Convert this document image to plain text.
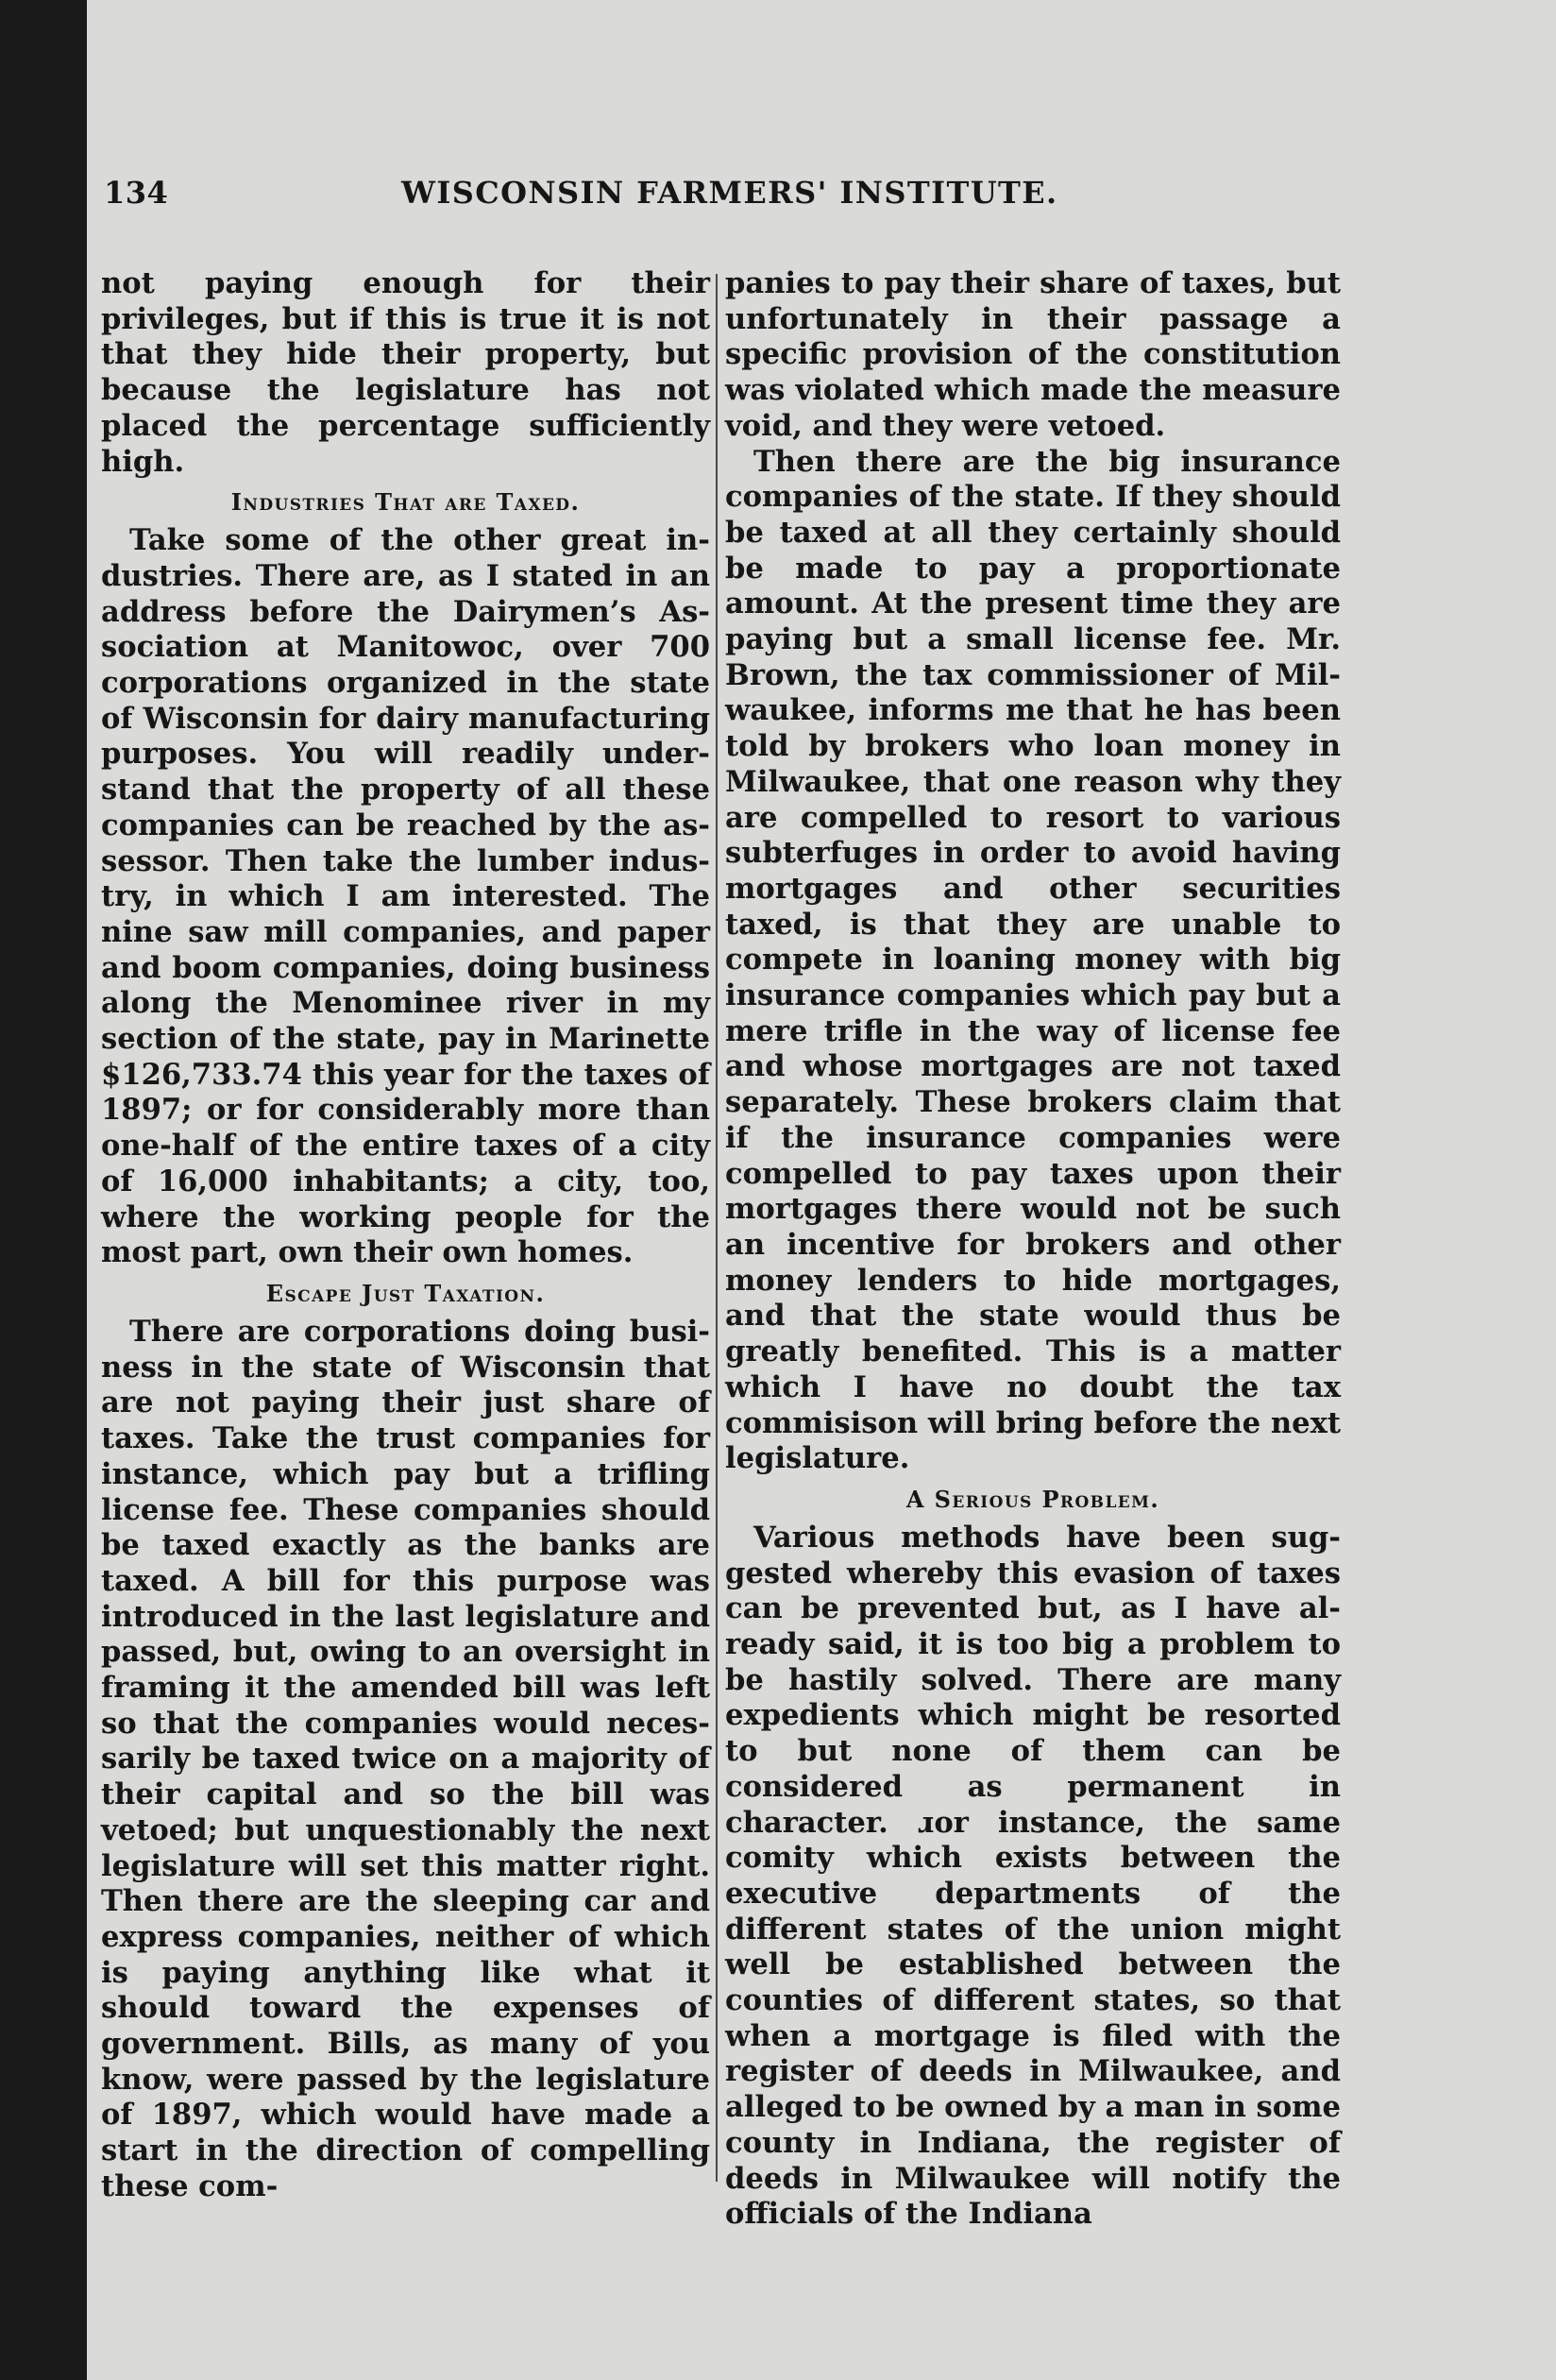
134	WISCONSIN FARMERS' INSTITUTE.

not paying enough for their privileges, but if this is true it is not that they hide their property, but because the legislature has not placed the percentage sufficiently high.

Industries That are Taxed.

Take some of the other great industries. There are, as I stated in an address before the Dairymen’s Association at Manitowoc, over 700 corporations organized in the state of Wisconsin for dairy manufacturing purposes. You will readily understand that the property of all these companies can be reached by the assessor. Then take the lumber industry, in which I am interested. The nine saw mill companies, and paper and boom companies, doing business along the Menominee river in my section of the state, pay in Marinette $126,733.74 this year for the taxes of 1897; or for considerably more than one-half of the entire taxes of a city of 16,000 inhabitants; a city, too, where the working people for the most part, own their own homes.

Escape Just Taxation.

There are corporations doing business in the state of Wisconsin that are not paying their just share of taxes. Take the trust companies for instance, which pay but a trifling license fee. These companies should be taxed exactly as the banks are taxed. A bill for this purpose was introduced in the last legislature and passed, but, owing to an oversight in framing it the amended bill was left so that the companies would necessarily be taxed twice on a majority of their capital and so the bill was vetoed; but unquestionably the next legislature will set this matter right. Then there are the sleeping car and express companies, neither of which is paying anything like what it should toward the expenses of government. Bills, as many of you know, were passed by the legislature of 1897, which would have made a start in the direction of compelling these com-

panies to pay their share of taxes, but unfortunately in their passage a specific provision of the constitution was violated which made the measure void, and they were vetoed.

Then there are the big insurance companies of the state. If they should be taxed at all they certainly should be made to pay a proportionate amount. At the present time they are paying but a small license fee. Mr. Brown, the tax commissioner of Milwaukee, informs me that he has been told by brokers who loan money in Milwaukee, that one reason why they are compelled to resort to various subterfuges in order to avoid having mortgages and other securities taxed, is that they are unable to compete in loaning money with big insurance companies which pay but a mere trifle in the way of license fee and whose mortgages are not taxed separately. These brokers claim that if the insurance companies were compelled to pay taxes upon their mortgages there would not be such an incentive for brokers and other money lenders to hide mortgages, and that the state would thus be greatly benefited. This is a matter which I have no doubt the tax commisison will bring before the next legislature.

A Serious Problem.

Various methods have been suggested whereby this evasion of taxes can be prevented but, as I have already said, it is too big a problem to be hastily solved. There are many expedients which might be resorted to but none of them can be considered as permanent in character. ɹor instance, the same comity which exists between the executive departments of the different states of the union might well be established between the counties of different states, so that when a mortgage is filed with the register of deeds in Milwaukee, and alleged to be owned by a man in some county in Indiana, the register of deeds in Milwaukee will notify the officials of the Indiana
